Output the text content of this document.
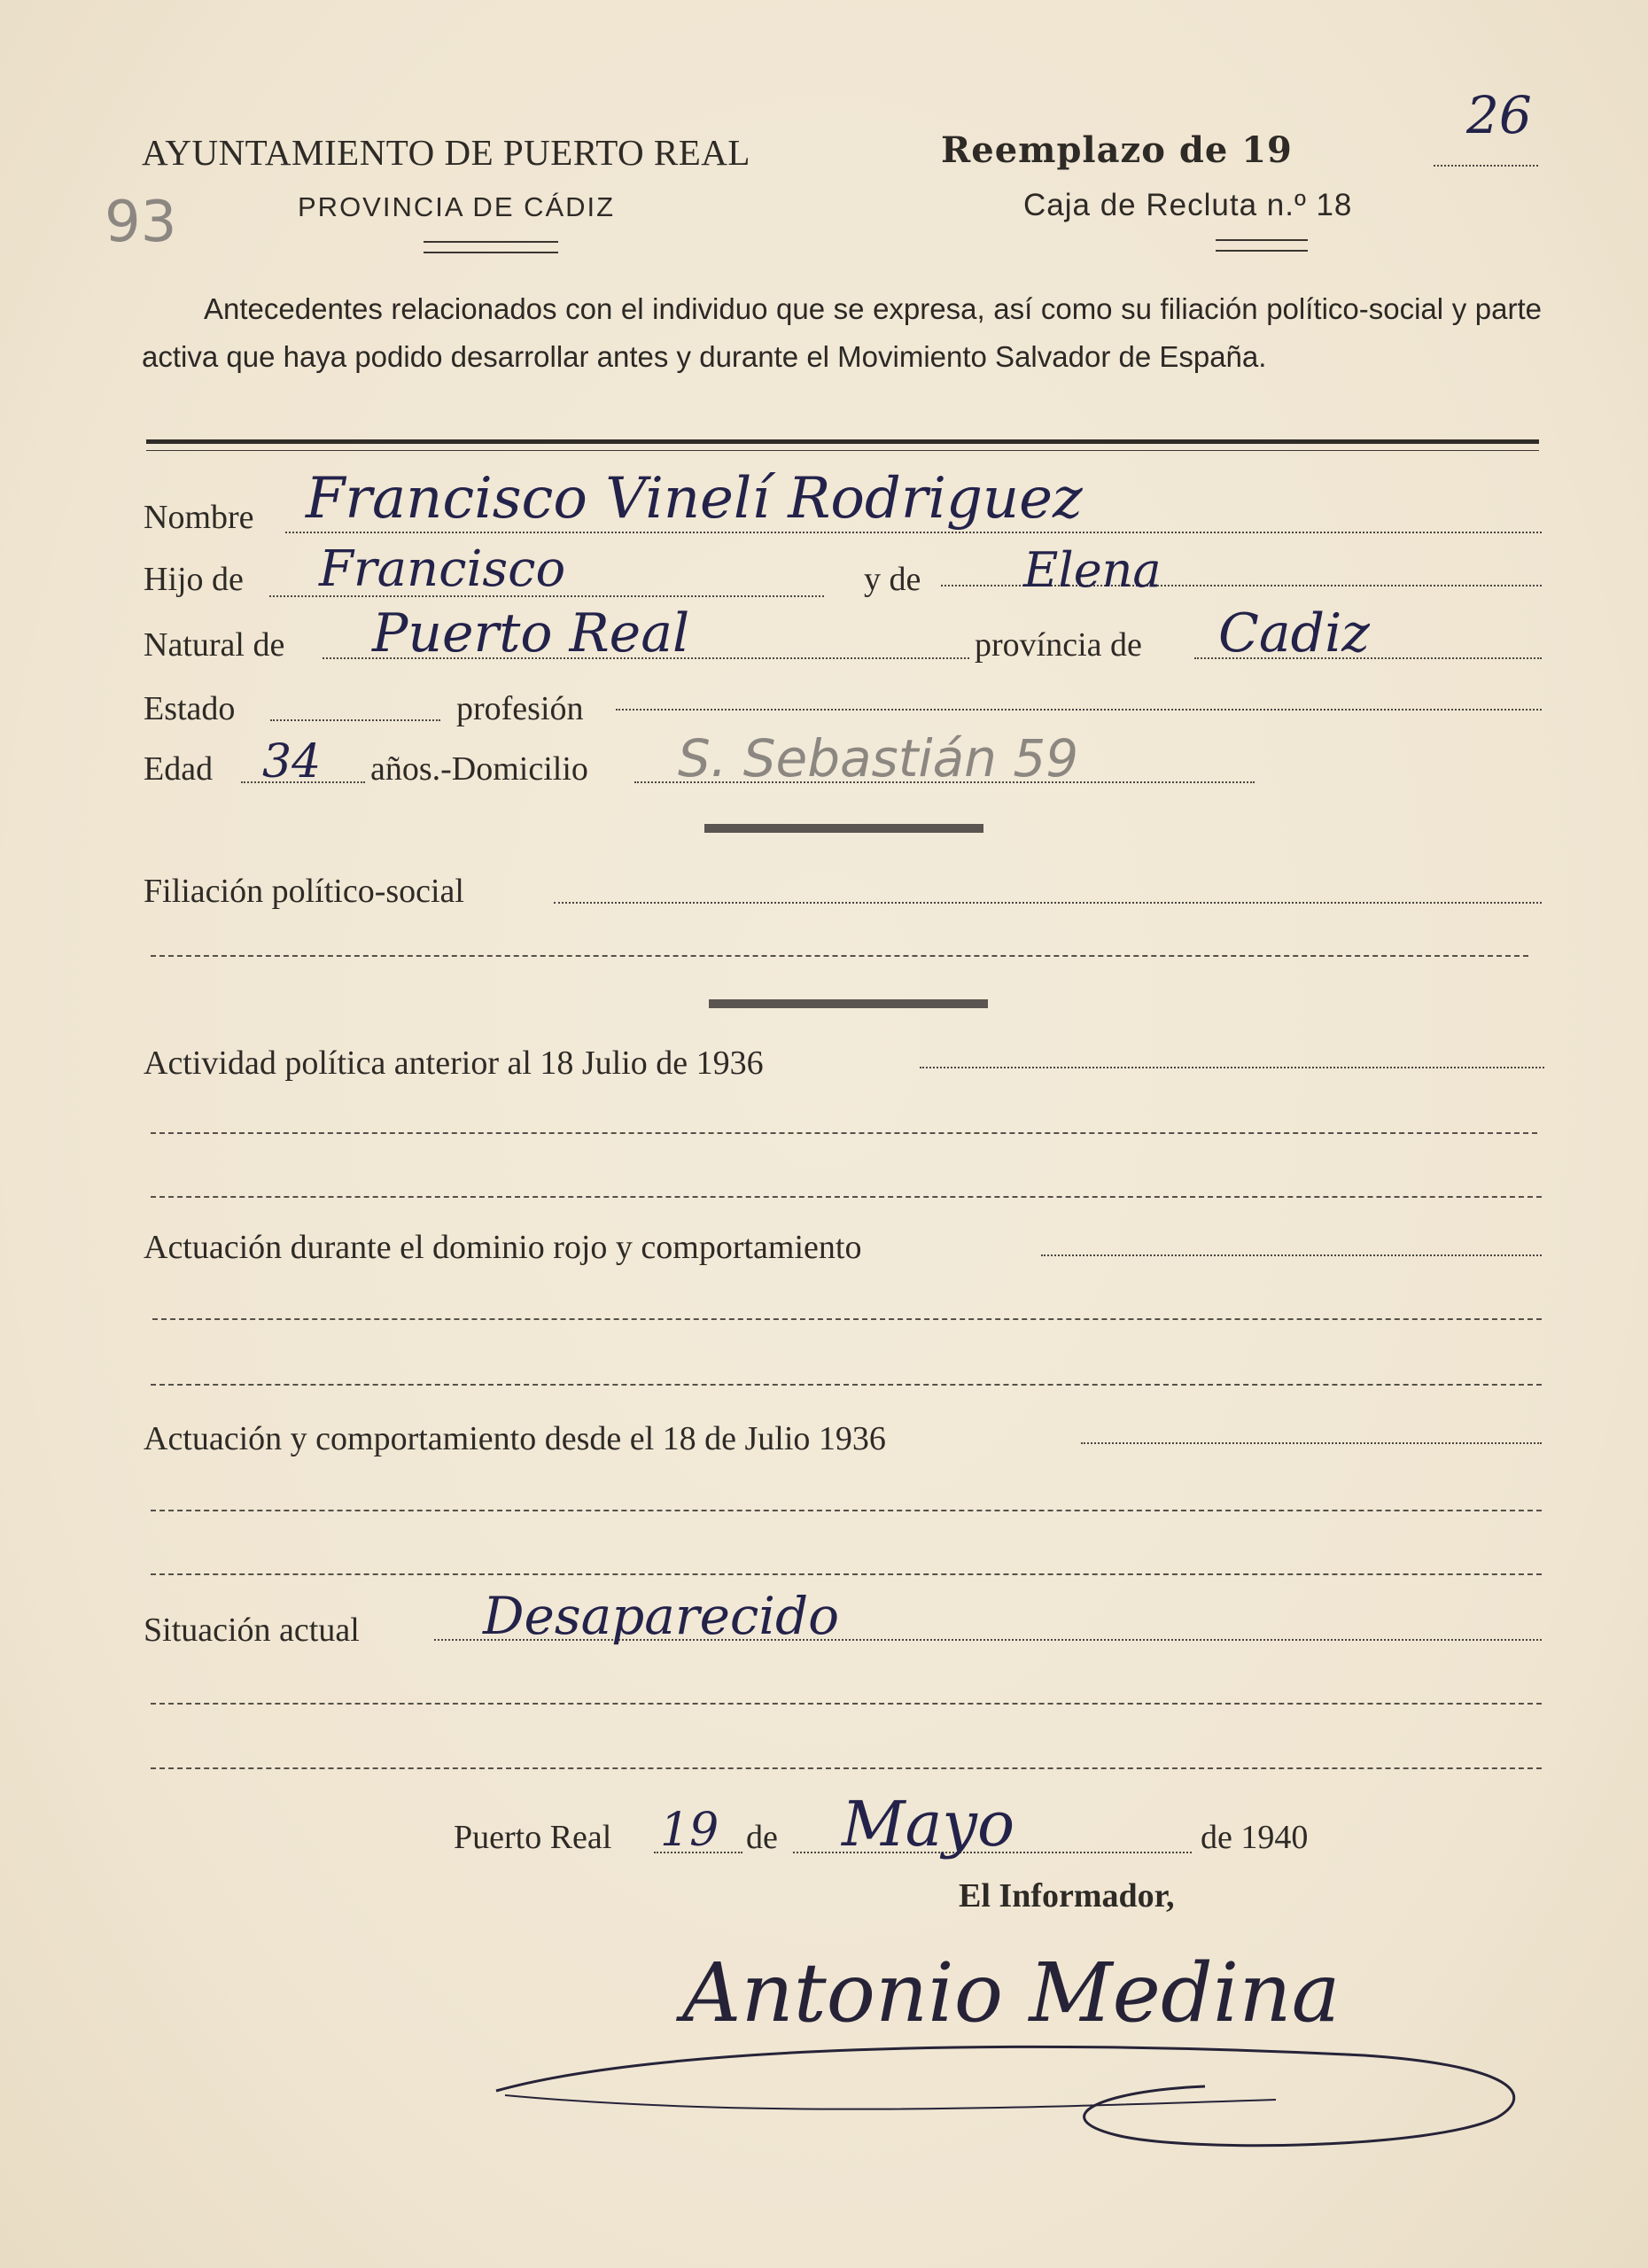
AYUNTAMIENTO DE PUERTO REAL
PROVINCIA DE CÁDIZ
Reemplazo de 19
26
Caja de Recluta n.º 18
93

Antecedentes relacionados con el individuo que se expresa, así como su filiación político-social y parte activa que haya podido desarrollar antes y durante el Movimiento Salvador de España.

Nombre Francisco Vinelí Rodriguez
Hijo de Francisco	y de Elena
Natural de Puerto Real	província de Cadiz
Estado	profesión
Edad 34 años.-Domicilio S. Sebastián 59
Filiación político-social
Actividad política anterior al 18 Julio de 1936
Actuación durante el dominio rojo y comportamiento
Actuación y comportamiento desde el 18 de Julio 1936
Situación actual Desaparecido
Puerto Real 19 de Mayo	de 1940
El Informador,
Antonio Medina
